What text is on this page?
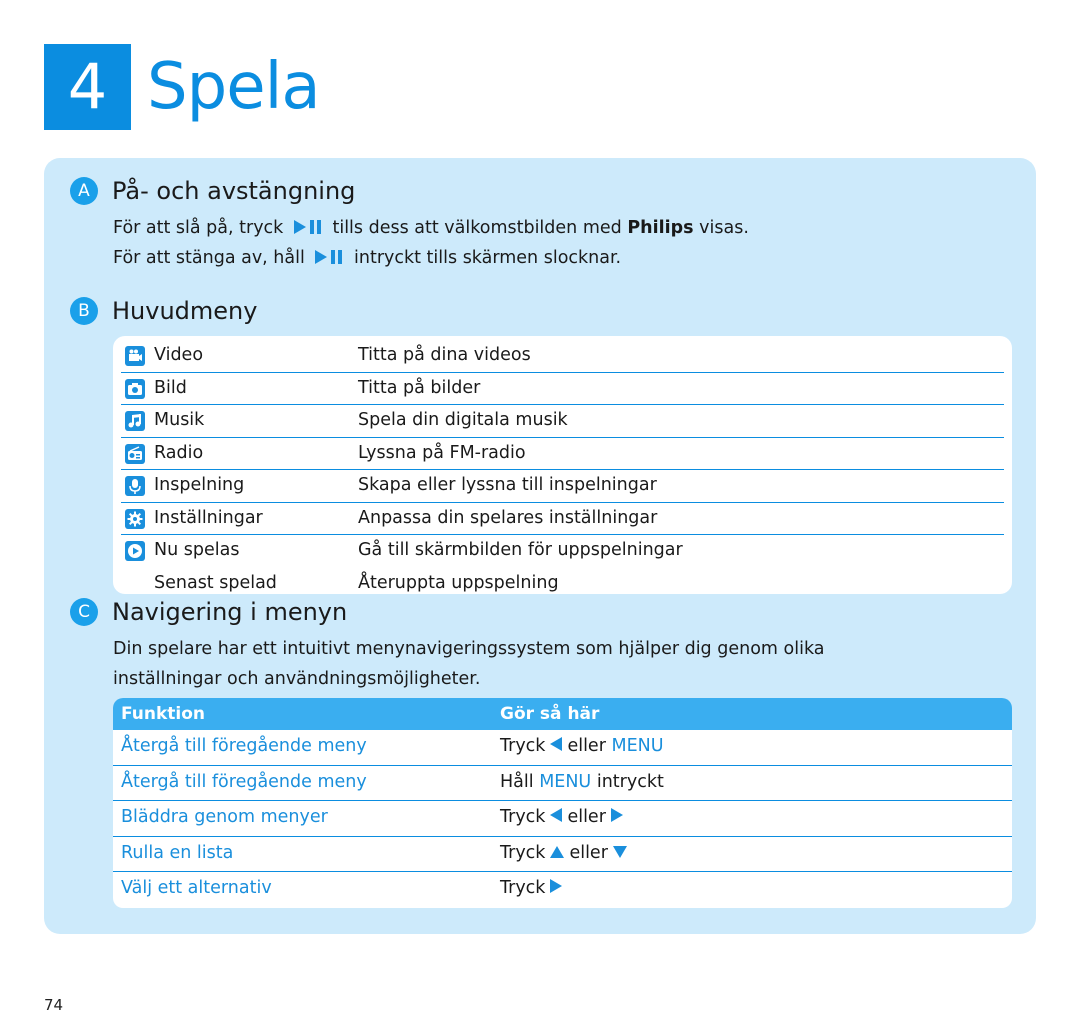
4 Spela
A På- och avstängning
För att slå på, tryck	tills dess att välkomstbilden med Philips visas.
För att stänga av, håll	intryckt tills skärmen slocknar.
B Huvudmeny
Video	Titta på dina videos
Bild	Titta på bilder
Musik	Spela din digitala musik
Radio	Lyssna på FM-radio
Inspelning	Skapa eller lyssna till inspelningar
Inställningar	Anpassa din spelares inställningar
Nu spelas	Gå till skärmbilden för uppspelningar
Senast spelad	Återuppta uppspelning
C Navigering i menyn
Din spelare har ett intuitivt menynavigeringssystem som hjälper dig genom olika
inställningar och användningsmöjligheter.
Funktion	Gör så här
Återgå till föregående meny	Tryck eller MENU
Återgå till föregående meny	Håll MENU intryckt
Bläddra genom menyer	Tryck eller
Rulla en lista	Tryck eller
Välj ett alternativ	Tryck
74
